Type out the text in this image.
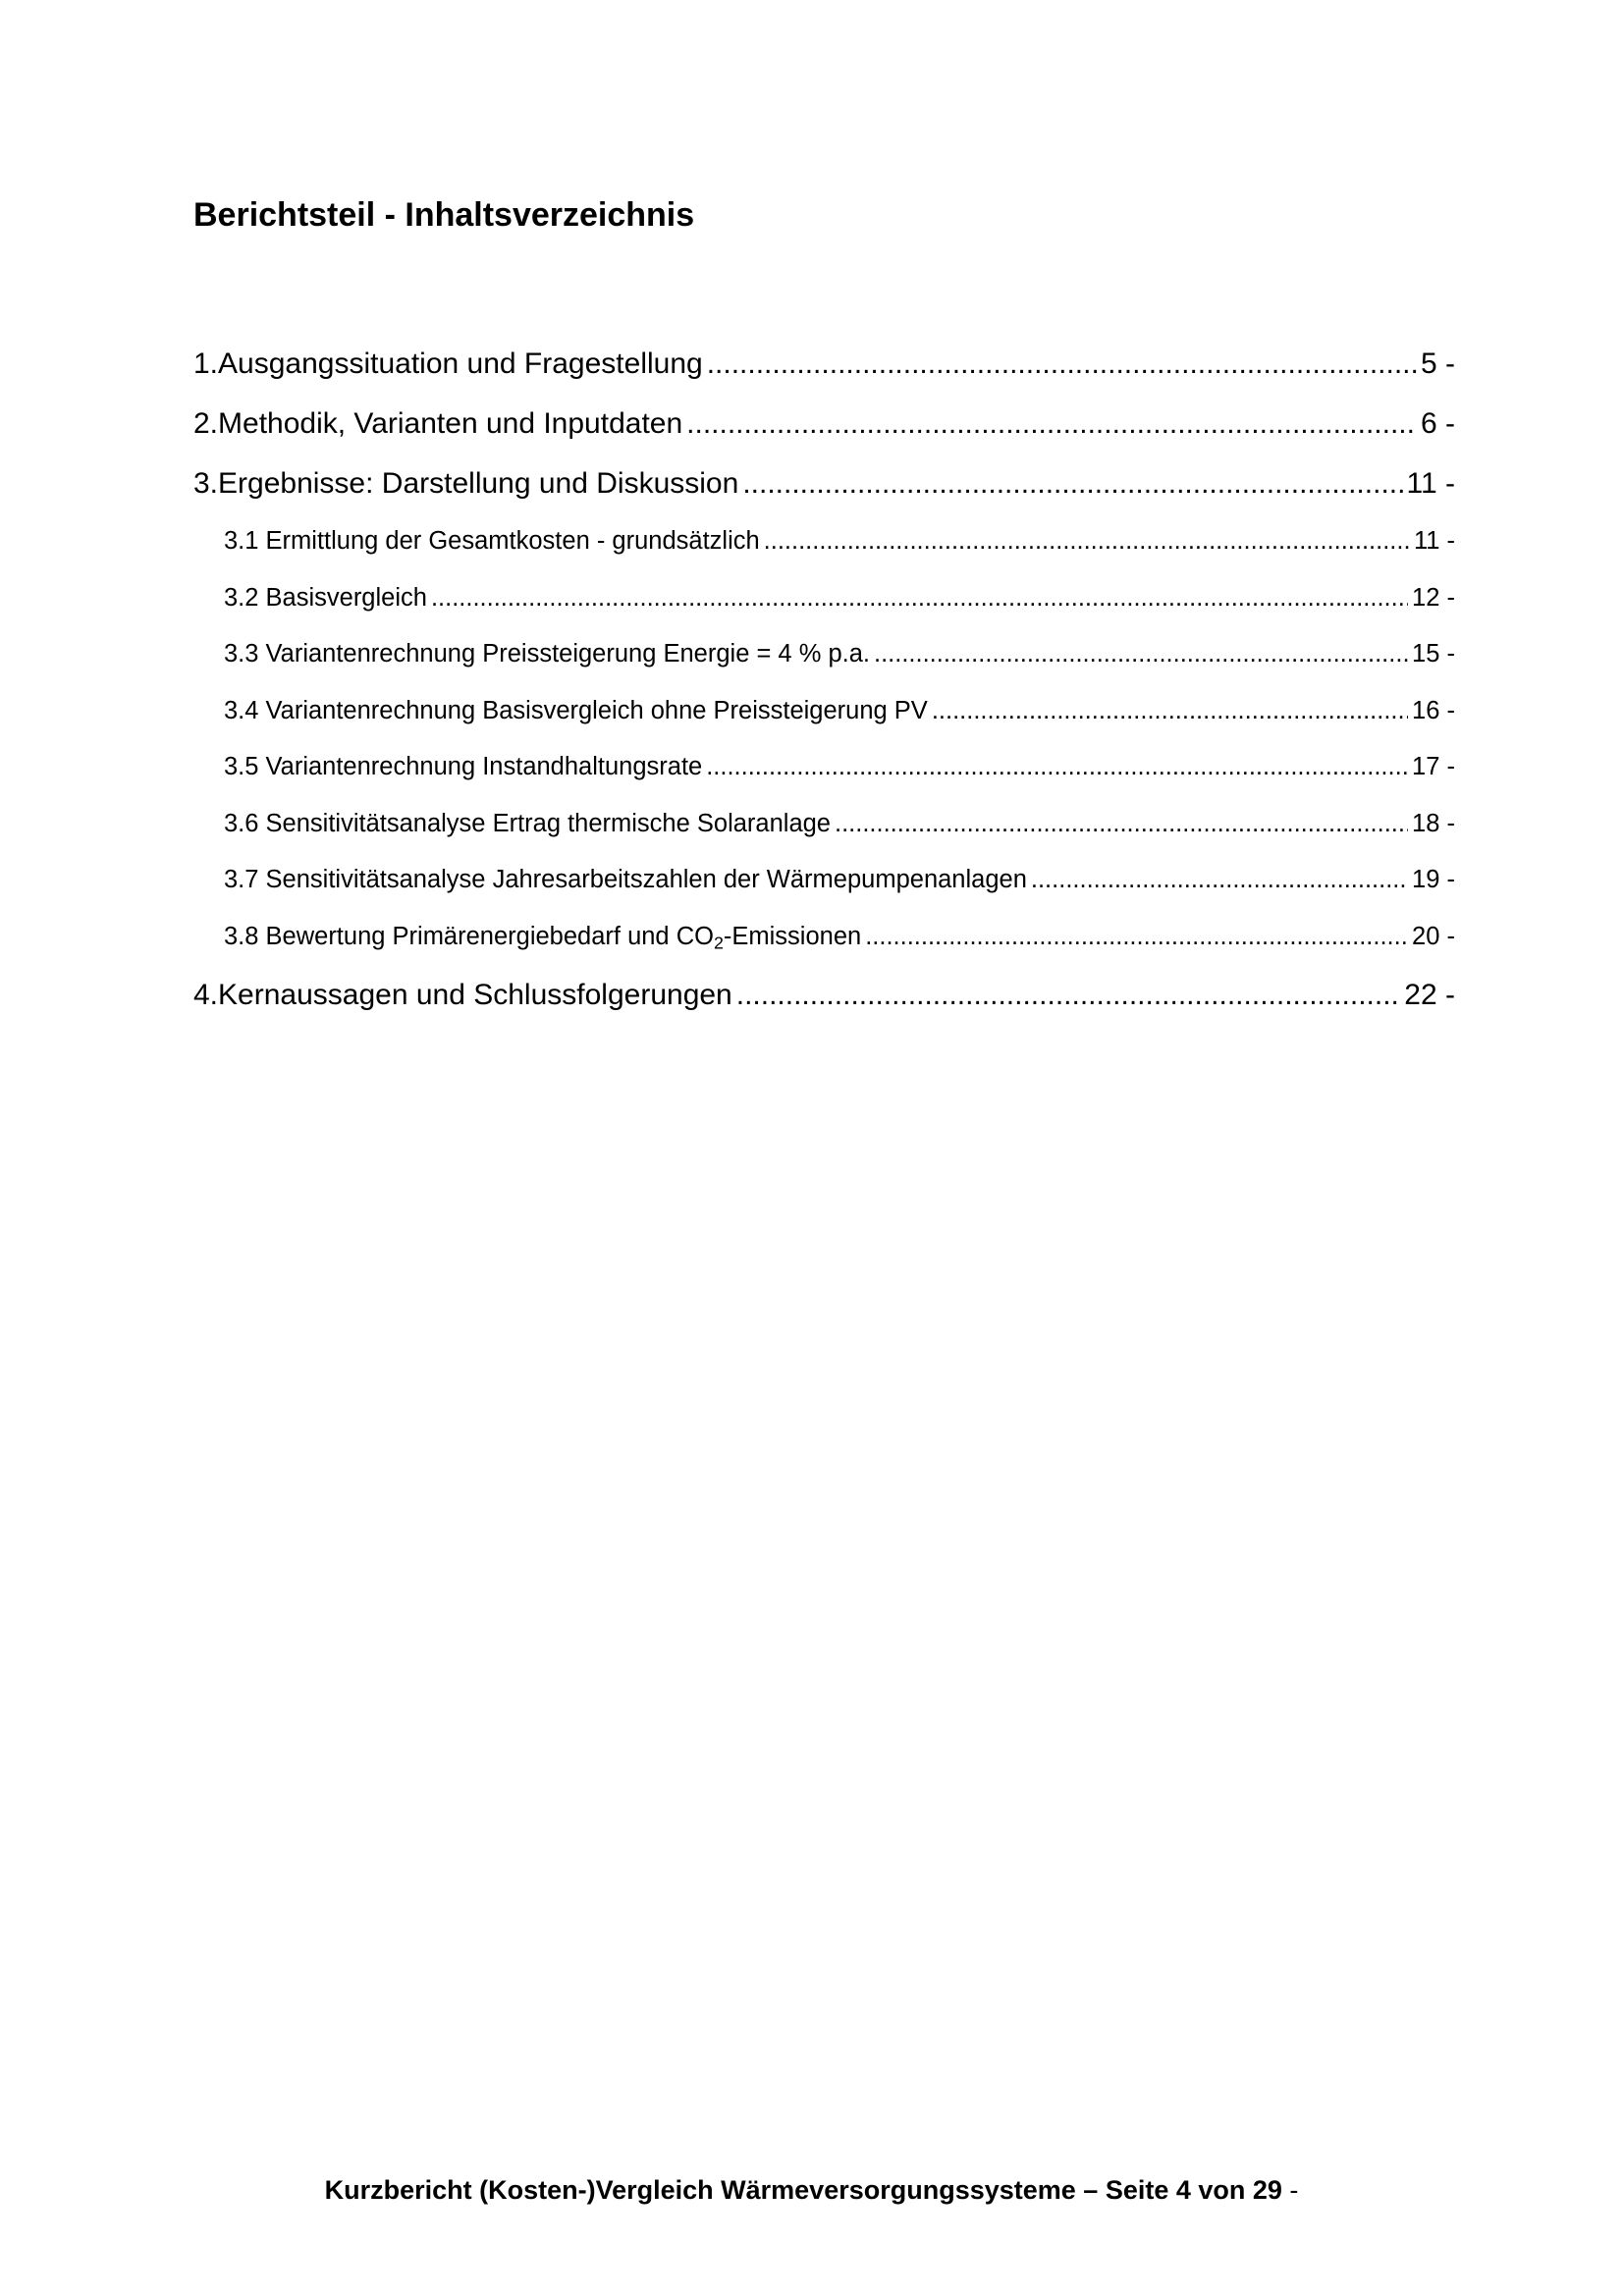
Berichtsteil - Inhaltsverzeichnis
1. Ausgangssituation und Fragestellung .....	5 -
2. Methodik, Varianten und Inputdaten .....	6 -
3. Ergebnisse: Darstellung und Diskussion .....	11 -
3.1 Ermittlung der Gesamtkosten - grundsätzlich .....	11 -
3.2 Basisvergleich .....	12 -
3.3 Variantenrechnung Preissteigerung Energie = 4 % p.a. .....	15 -
3.4 Variantenrechnung Basisvergleich ohne Preissteigerung PV .....	16 -
3.5 Variantenrechnung Instandhaltungsrate .....	17 -
3.6 Sensitivitätsanalyse Ertrag thermische Solaranlage .....	18 -
3.7 Sensitivitätsanalyse Jahresarbeitszahlen der Wärmepumpenanlagen .....	19 -
3.8 Bewertung Primärenergiebedarf und CO2-Emissionen .....	20 -
4. Kernaussagen und Schlussfolgerungen .....	22 -
Kurzbericht (Kosten-)Vergleich Wärmeversorgungssysteme – Seite 4 von 29 -
